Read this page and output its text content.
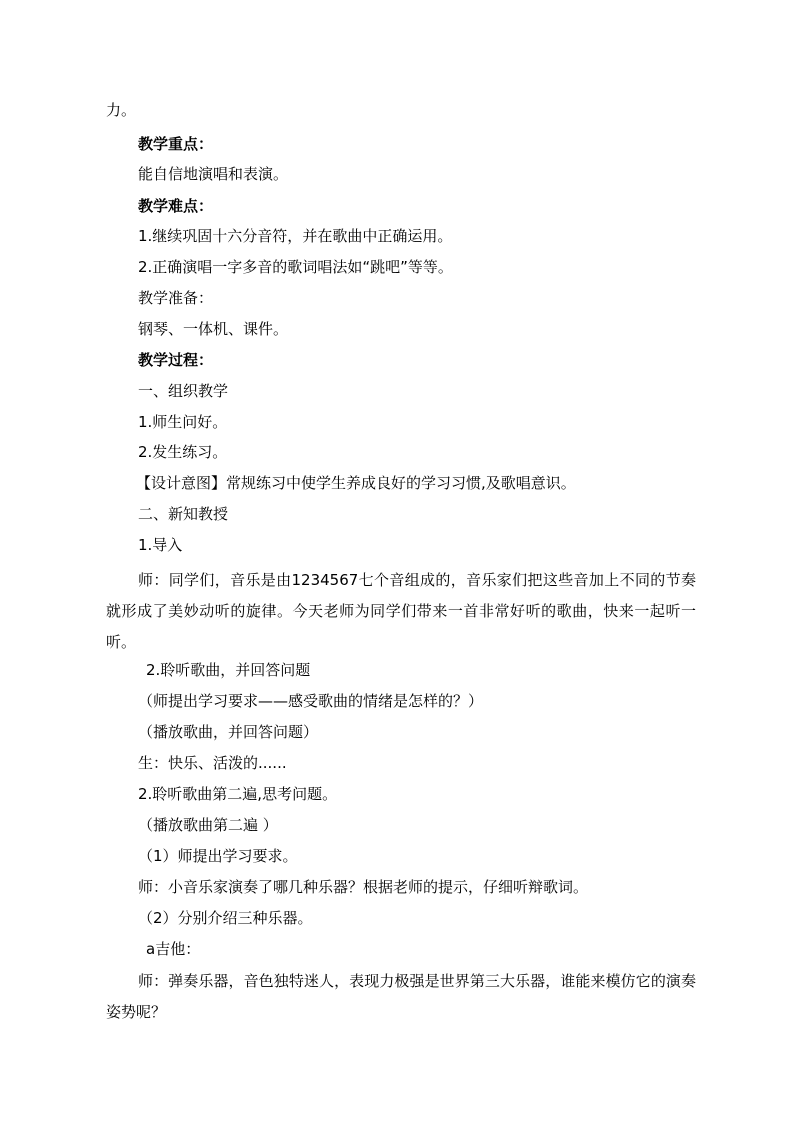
力。
教学重点：
能自信地演唱和表演。
教学难点：
1.继续巩固十六分音符，并在歌曲中正确运用。
2.正确演唱一字多音的歌词唱法如“跳吧”等等。
教学准备：
钢琴、一体机、课件。
教学过程：
一、组织教学
1.师生问好。
2.发生练习。
【设计意图】常规练习中使学生养成良好的学习习惯,及歌唱意识。
二、新知教授
1.导入
师：同学们，音乐是由1234567七个音组成的，音乐家们把这些音加上不同的节奏就形成了美妙动听的旋律。今天老师为同学们带来一首非常好听的歌曲，快来一起听一听。
2.聆听歌曲，并回答问题
（师提出学习要求——感受歌曲的情绪是怎样的？）
（播放歌曲，并回答问题）
生：快乐、活泼的......
2.聆听歌曲第二遍,思考问题。
（播放歌曲第二遍 ）
（1）师提出学习要求。
师：小音乐家演奏了哪几种乐器？根据老师的提示，仔细听辩歌词。
（2）分别介绍三种乐器。
a吉他：
师：弹奏乐器，音色独特迷人，表现力极强是世界第三大乐器，谁能来模仿它的演奏姿势呢？
